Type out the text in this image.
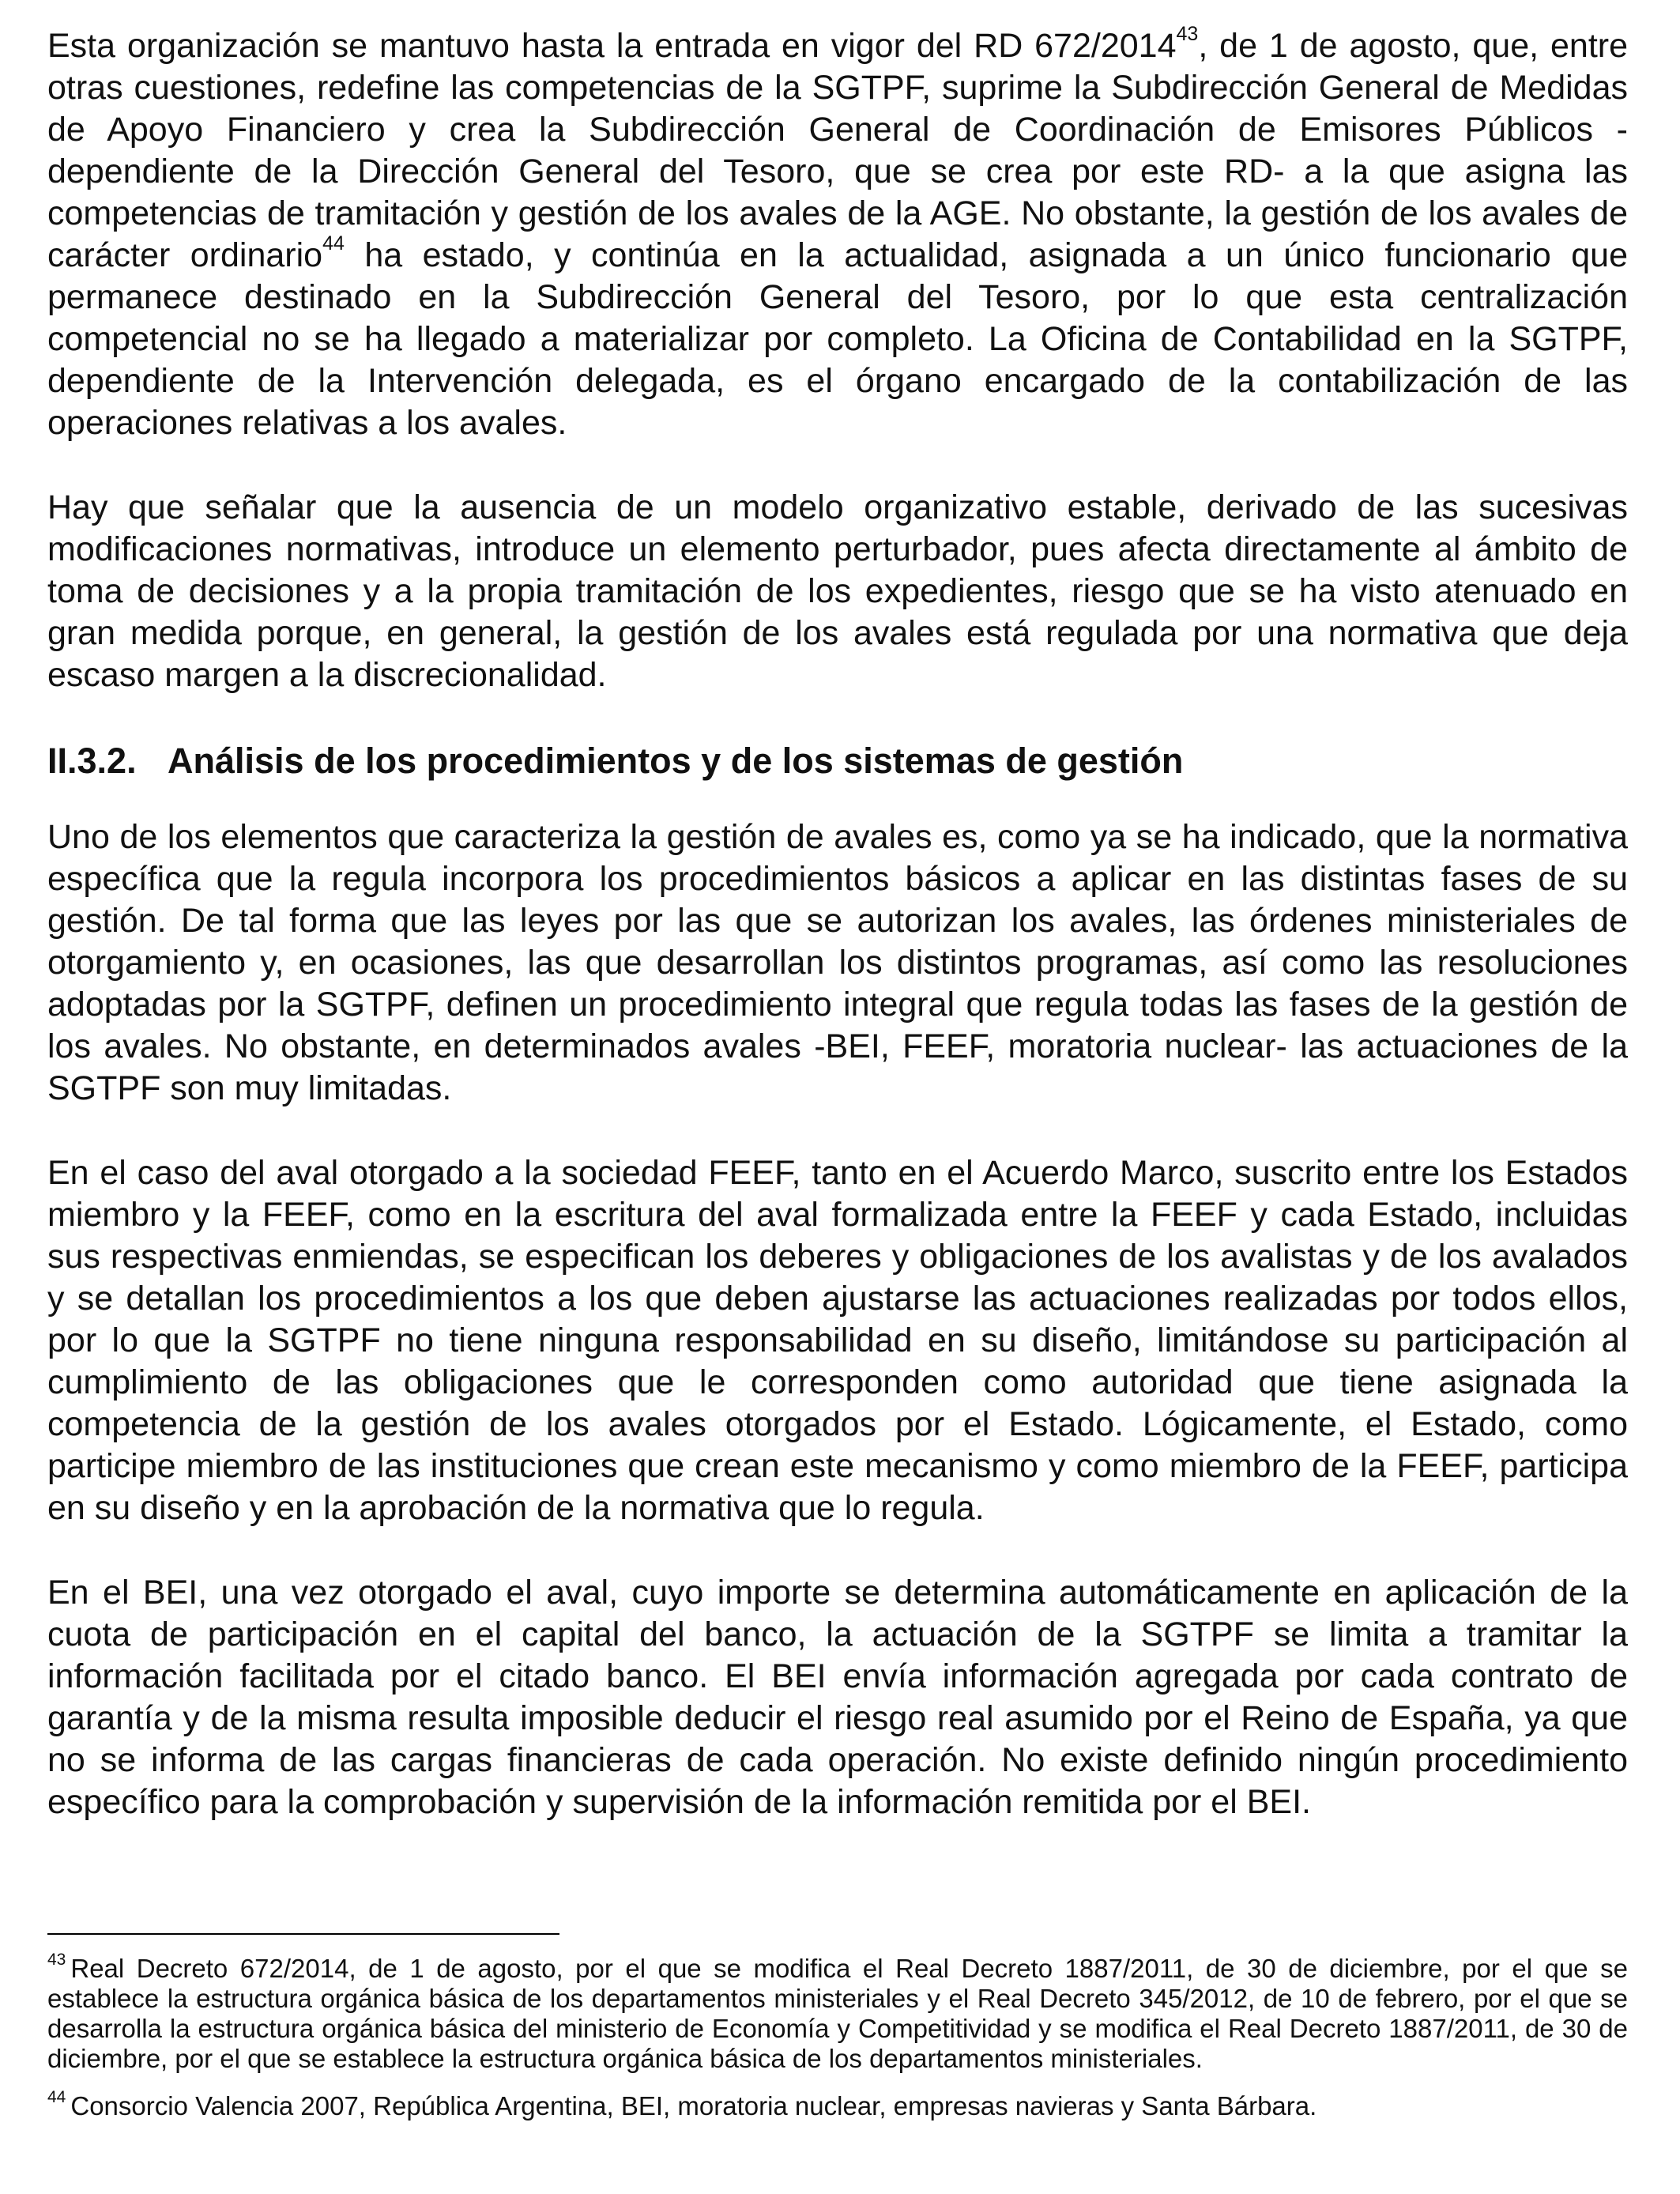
Esta organización se mantuvo hasta la entrada en vigor del RD 672/2014$^{43}$, de 1 de agosto, que, entre otras cuestiones, redefine las competencias de la SGTPF, suprime la Subdirección General de Medidas de Apoyo Financiero y crea la Subdirección General de Coordinación de Emisores Públicos -dependiente de la Dirección General del Tesoro, que se crea por este RD- a la que asigna las competencias de tramitación y gestión de los avales de la AGE. No obstante, la gestión de los avales de carácter ordinario$^{44}$ ha estado, y continúa en la actualidad, asignada a un único funcionario que permanece destinado en la Subdirección General del Tesoro, por lo que esta centralización competencial no se ha llegado a materializar por completo. La Oficina de Contabilidad en la SGTPF, dependiente de la Intervención delegada, es el órgano encargado de la contabilización de las operaciones relativas a los avales.

Hay que señalar que la ausencia de un modelo organizativo estable, derivado de las sucesivas modificaciones normativas, introduce un elemento perturbador, pues afecta directamente al ámbito de toma de decisiones y a la propia tramitación de los expedientes, riesgo que se ha visto atenuado en gran medida porque, en general, la gestión de los avales está regulada por una normativa que deja escaso margen a la discrecionalidad.

II.3.2. Análisis de los procedimientos y de los sistemas de gestión

Uno de los elementos que caracteriza la gestión de avales es, como ya se ha indicado, que la normativa específica que la regula incorpora los procedimientos básicos a aplicar en las distintas fases de su gestión. De tal forma que las leyes por las que se autorizan los avales, las órdenes ministeriales de otorgamiento y, en ocasiones, las que desarrollan los distintos programas, así como las resoluciones adoptadas por la SGTPF, definen un procedimiento integral que regula todas las fases de la gestión de los avales. No obstante, en determinados avales -BEI, FEEF, moratoria nuclear- las actuaciones de la SGTPF son muy limitadas.

En el caso del aval otorgado a la sociedad FEEF, tanto en el Acuerdo Marco, suscrito entre los Estados miembro y la FEEF, como en la escritura del aval formalizada entre la FEEF y cada Estado, incluidas sus respectivas enmiendas, se especifican los deberes y obligaciones de los avalistas y de los avalados y se detallan los procedimientos a los que deben ajustarse las actuaciones realizadas por todos ellos, por lo que la SGTPF no tiene ninguna responsabilidad en su diseño, limitándose su participación al cumplimiento de las obligaciones que le corresponden como autoridad que tiene asignada la competencia de la gestión de los avales otorgados por el Estado. Lógicamente, el Estado, como participe miembro de las instituciones que crean este mecanismo y como miembro de la FEEF, participa en su diseño y en la aprobación de la normativa que lo regula.

En el BEI, una vez otorgado el aval, cuyo importe se determina automáticamente en aplicación de la cuota de participación en el capital del banco, la actuación de la SGTPF se limita a tramitar la información facilitada por el citado banco. El BEI envía información agregada por cada contrato de garantía y de la misma resulta imposible deducir el riesgo real asumido por el Reino de España, ya que no se informa de las cargas financieras de cada operación. No existe definido ningún procedimiento específico para la comprobación y supervisión de la información remitida por el BEI.

$^{43}$ Real Decreto 672/2014, de 1 de agosto, por el que se modifica el Real Decreto 1887/2011, de 30 de diciembre, por el que se establece la estructura orgánica básica de los departamentos ministeriales y el Real Decreto 345/2012, de 10 de febrero, por el que se desarrolla la estructura orgánica básica del ministerio de Economía y Competitividad y se modifica el Real Decreto 1887/2011, de 30 de diciembre, por el que se establece la estructura orgánica básica de los departamentos ministeriales.

$^{44}$ Consorcio Valencia 2007, República Argentina, BEI, moratoria nuclear, empresas navieras y Santa Bárbara.
